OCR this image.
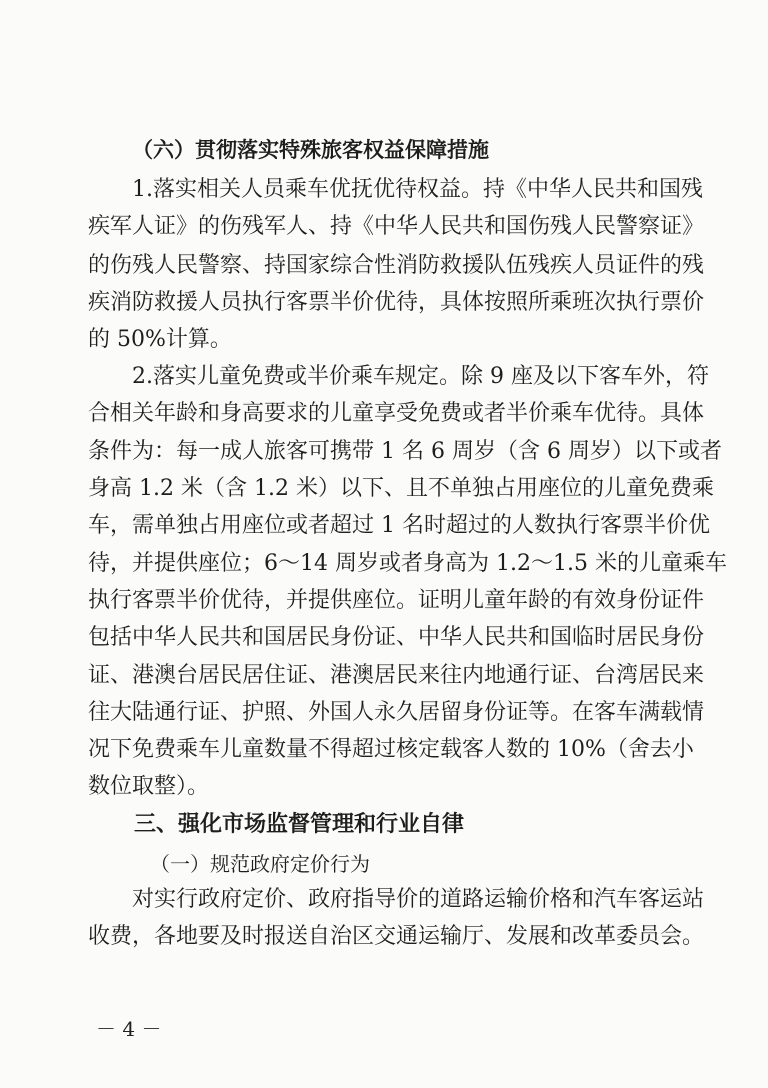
（六）贯彻落实特殊旅客权益保障措施
1.落实相关人员乘车优抚优待权益。持《中华人民共和国残
疾军人证》的伤残军人、持《中华人民共和国伤残人民警察证》
的伤残人民警察、持国家综合性消防救援队伍残疾人员证件的残
疾消防救援人员执行客票半价优待，具体按照所乘班次执行票价
的 50%计算。
2.落实儿童免费或半价乘车规定。除 9 座及以下客车外，符
合相关年龄和身高要求的儿童享受免费或者半价乘车优待。具体
条件为：每一成人旅客可携带 1 名 6 周岁（含 6 周岁）以下或者
身高 1.2 米（含 1.2 米）以下、且不单独占用座位的儿童免费乘
车，需单独占用座位或者超过 1 名时超过的人数执行客票半价优
待，并提供座位；6～14 周岁或者身高为 1.2～1.5 米的儿童乘车
执行客票半价优待，并提供座位。证明儿童年龄的有效身份证件
包括中华人民共和国居民身份证、中华人民共和国临时居民身份
证、港澳台居民居住证、港澳居民来往内地通行证、台湾居民来
往大陆通行证、护照、外国人永久居留身份证等。在客车满载情
况下免费乘车儿童数量不得超过核定载客人数的 10%（舍去小
数位取整）。
三、强化市场监督管理和行业自律
（一）规范政府定价行为
对实行政府定价、政府指导价的道路运输价格和汽车客运站
收费，各地要及时报送自治区交通运输厅、发展和改革委员会。
－ 4 －
